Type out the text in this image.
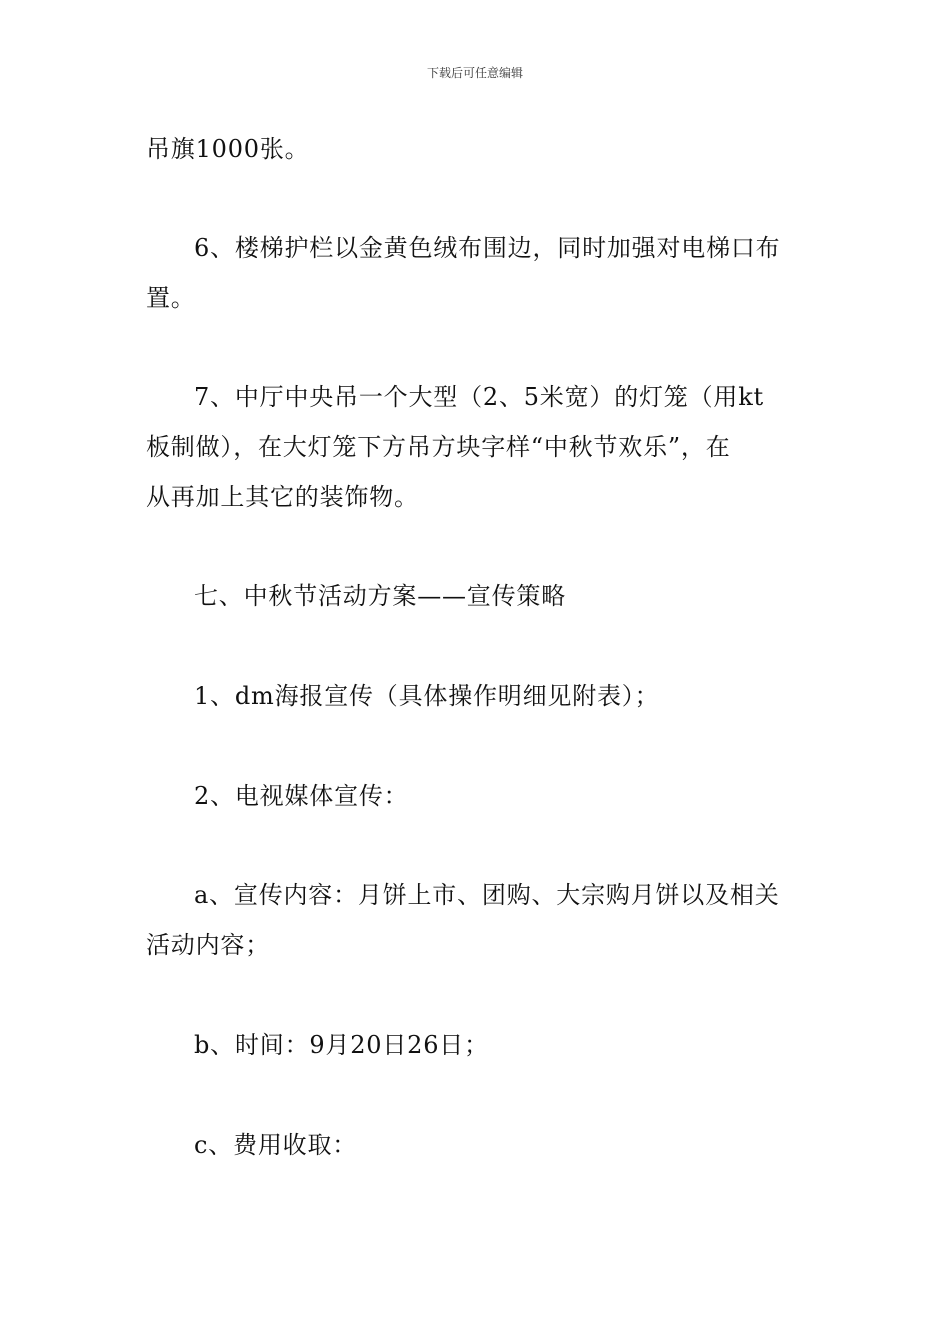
下载后可任意编辑
吊旗1000张。
6、楼梯护栏以金黄色绒布围边，同时加强对电梯口布
置。
7、中厅中央吊一个大型（2、5米宽）的灯笼（用kt
板制做），在大灯笼下方吊方块字样“中秋节欢乐”，在
从再加上其它的装饰物。
七、中秋节活动方案——宣传策略
1、dm海报宣传（具体操作明细见附表）；
2、电视媒体宣传：
a、宣传内容：月饼上市、团购、大宗购月饼以及相关
活动内容；
b、时间：9月20日26日；
c、费用收取：
